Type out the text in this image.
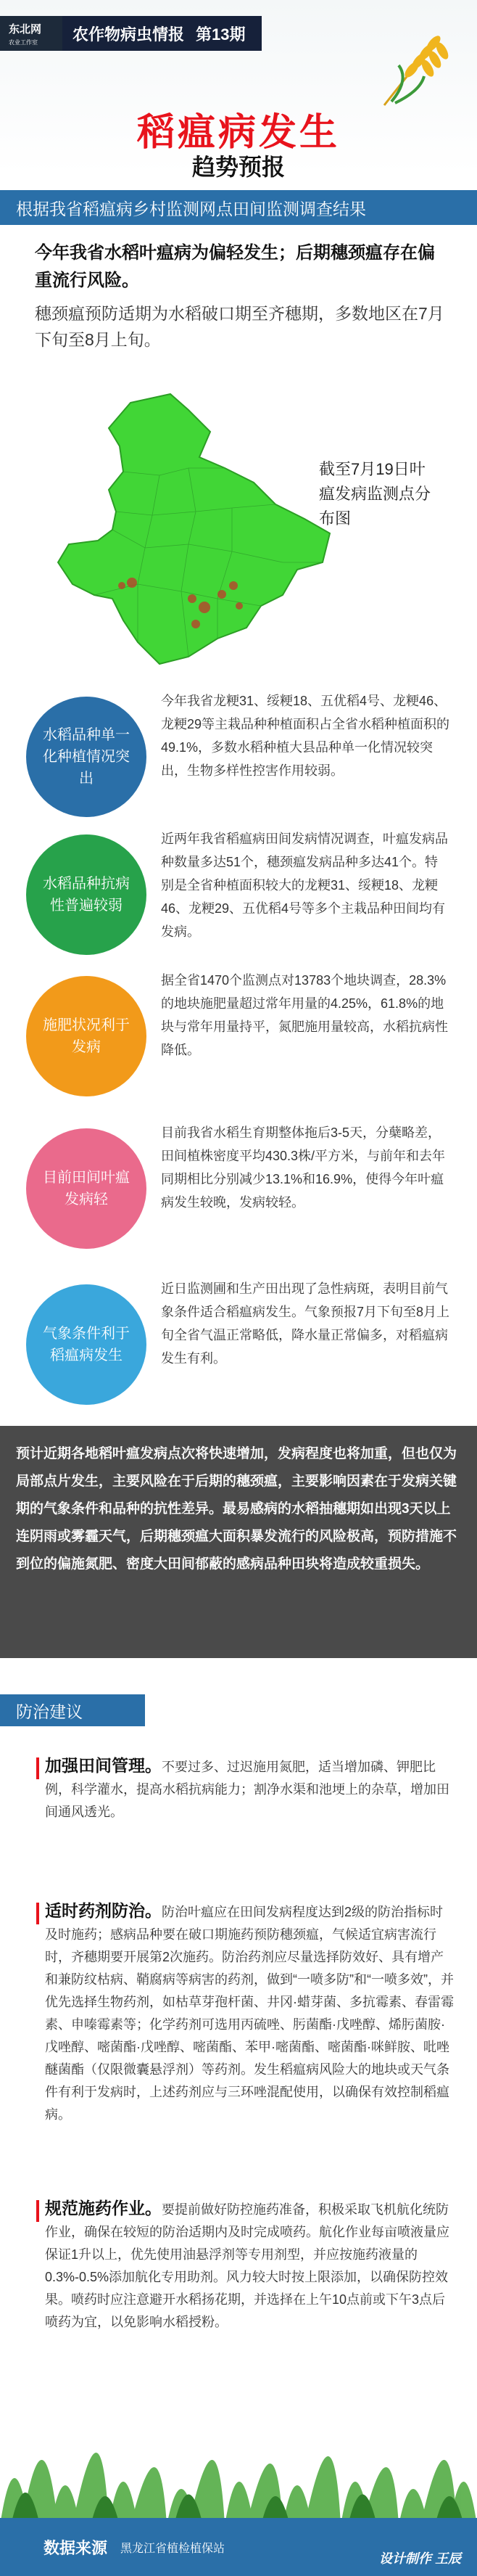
东北网
农业工作室	农作物病虫情报 第13期
稻瘟病发生
趋势预报
根据我省稻瘟病乡村监测网点田间监测调查结果

今年我省水稻叶瘟病为偏轻发生；后期穗颈瘟存在偏重流行风险。

穗颈瘟预防适期为水稻破口期至齐穗期，多数地区在7月下旬至8月上旬。

截至7月19日叶瘟发病监测点分布图
水稻品种单一化种植情况突出
今年我省龙粳31、绥粳18、五优稻4号、龙粳46、龙粳29等主栽品种种植面积占全省水稻种植面积的49.1%，多数水稻种植大县品种单一化情况较突出，生物多样性控害作用较弱。
水稻品种抗病性普遍较弱
近两年我省稻瘟病田间发病情况调查，叶瘟发病品种数量多达51个，穗颈瘟发病品种多达41个。特别是全省种植面积较大的龙粳31、绥粳18、龙粳46、龙粳29、五优稻4号等多个主栽品种田间均有发病。
施肥状况利于发病
据全省1470个监测点对13783个地块调查，28.3%的地块施肥量超过常年用量的4.25%，61.8%的地块与常年用量持平，氮肥施用量较高，水稻抗病性降低。
目前田间叶瘟发病轻
目前我省水稻生育期整体拖后3-5天，分蘖略差，田间植株密度平均430.3株/平方米，与前年和去年同期相比分别减少13.1%和16.9%，使得今年叶瘟病发生较晚，发病较轻。
气象条件利于稻瘟病发生
近日监测圃和生产田出现了急性病斑，表明目前气象条件适合稻瘟病发生。气象预报7月下旬至8月上旬全省气温正常略低，降水量正常偏多，对稻瘟病发生有利。

预计近期各地稻叶瘟发病点次将快速增加，发病程度也将加重，但也仅为局部点片发生，主要风险在于后期的穗颈瘟，主要影响因素在于发病关键期的气象条件和品种的抗性差异。最易感病的水稻抽穗期如出现3天以上连阴雨或雾霾天气，后期穗颈瘟大面积暴发流行的风险极高，预防措施不到位的偏施氮肥、密度大田间郁蔽的感病品种田块将造成较重损失。

防治建议
加强田间管理。不要过多、过迟施用氮肥，适当增加磷、钾肥比例，科学灌水，提高水稻抗病能力；割净水渠和池埂上的杂草，增加田间通风透光。
适时药剂防治。防治叶瘟应在田间发病程度达到2级的防治指标时及时施药；感病品种要在破口期施药预防穗颈瘟，气候适宜病害流行时，齐穗期要开展第2次施药。防治药剂应尽量选择防效好、具有增产和兼防纹枯病、鞘腐病等病害的药剂，做到“一喷多防”和“一喷多效”，并优先选择生物药剂，如枯草芽孢杆菌、井冈·蜡芽菌、多抗霉素、春雷霉素、申嗪霉素等；化学药剂可选用丙硫唑、肟菌酯·戊唑醇、烯肟菌胺·戊唑醇、嘧菌酯·戊唑醇、嘧菌酯、苯甲·嘧菌酯、嘧菌酯·咪鲜胺、吡唑醚菌酯（仅限微囊悬浮剂）等药剂。发生稻瘟病风险大的地块或天气条件有利于发病时，上述药剂应与三环唑混配使用，以确保有效控制稻瘟病。
规范施药作业。要提前做好防控施药准备，积极采取飞机航化统防作业，确保在较短的防治适期内及时完成喷药。航化作业每亩喷液量应保证1升以上，优先使用油悬浮剂等专用剂型，并应按施药液量的0.3%-0.5%添加航化专用助剂。风力较大时按上限添加，以确保防控效果。喷药时应注意避开水稻扬花期，并选择在上午10点前或下午3点后喷药为宜，以免影响水稻授粉。
数据来源 黑龙江省植检植保站
设计制作 王辰
